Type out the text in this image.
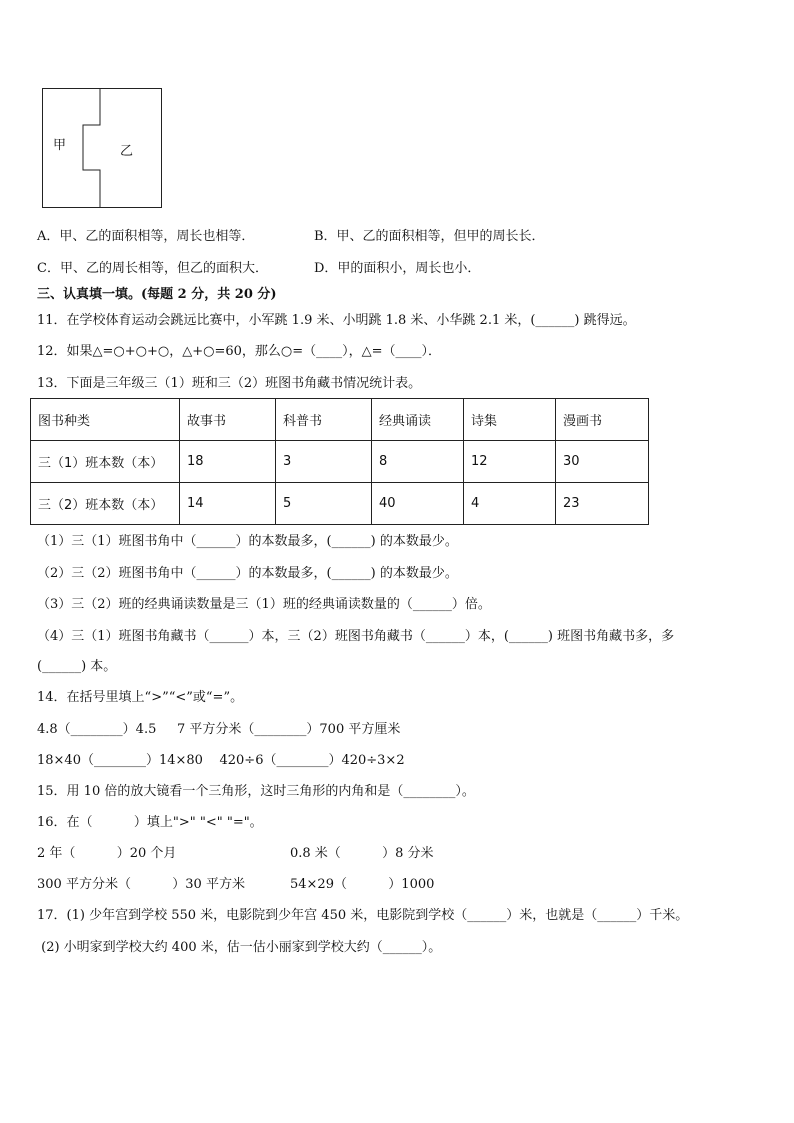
甲	乙
A．甲、乙的面积相等，周长也相等．	B．甲、乙的面积相等，但甲的周长长．
C．甲、乙的周长相等，但乙的面积大．	D．甲的面积小，周长也小．
三、认真填一填。(每题 2 分，共 20 分)
11．在学校体育运动会跳远比赛中，小军跳 1.9 米、小明跳 1.8 米、小华跳 2.1 米，(______) 跳得远。
12．如果△=○+○+○，△+○=60，那么○=（____），△=（____）．
13．下面是三年级三（1）班和三（2）班图书角藏书情况统计表。
图书种类	故事书	科普书	经典诵读	诗集	漫画书
三（1）班本数（本）	18	3	8	12	30
三（2）班本数（本）	14	5	40	4	23
（1）三（1）班图书角中（______）的本数最多，(______) 的本数最少。
（2）三（2）班图书角中（______）的本数最多，(______) 的本数最少。
（3）三（2）班的经典诵读数量是三（1）班的经典诵读数量的（______）倍。
（4）三（1）班图书角藏书（______）本，三（2）班图书角藏书（______）本，(______) 班图书角藏书多，多
(______) 本。
14．在括号里填上“>”“<”或“=”。
4.8（________）4.5     7 平方分米（________）700 平方厘米
18×40（________）14×80    420÷6（________）420÷3×2
15．用 10 倍的放大镜看一个三角形，这时三角形的内角和是（________）。
16．在（          ）填上">" "<" "="。
2 年（          ）20 个月	0.8 米（          ）8 分米
300 平方分米（          ）30 平方米	54×29（          ）1000
17．(1) 少年宫到学校 550 米，电影院到少年宫 450 米，电影院到学校（______）米，也就是（______）千米。
(2) 小明家到学校大约 400 米，估一估小丽家到学校大约（______）。
